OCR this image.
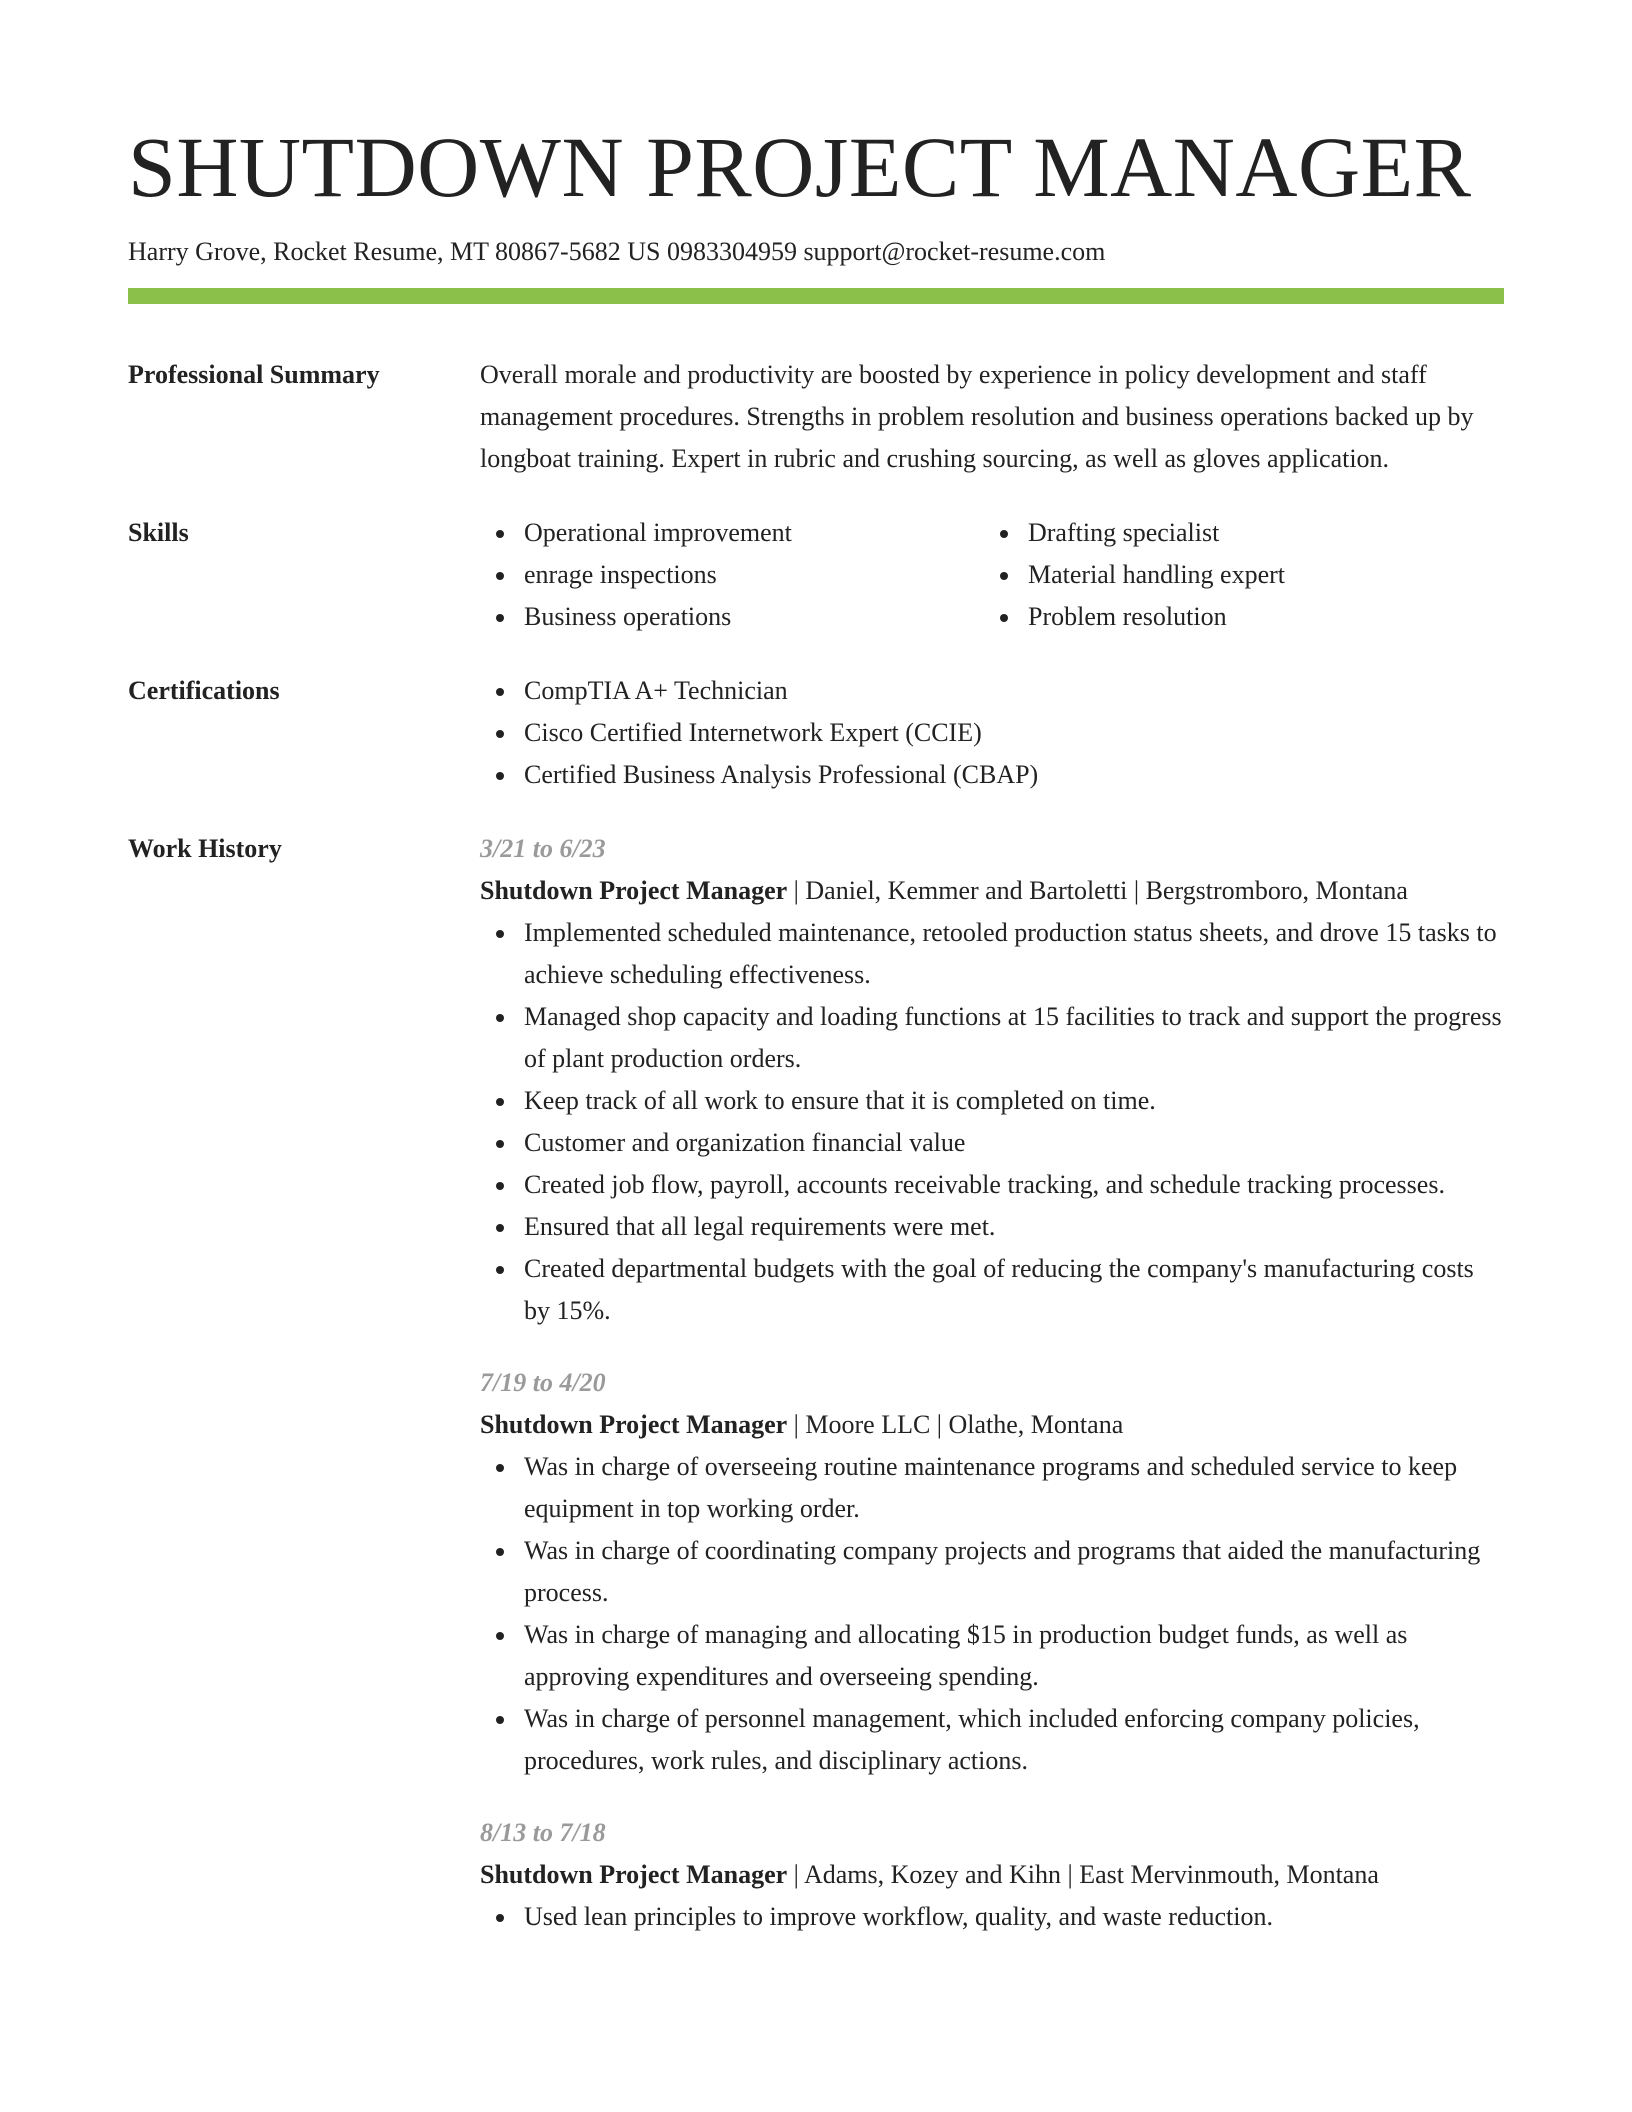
SHUTDOWN PROJECT MANAGER
Harry Grove, Rocket Resume, MT 80867-5682 US 0983304959 support@rocket-resume.com
Professional Summary	Overall morale and productivity are boosted by experience in policy development and staff management procedures. Strengths in problem resolution and business operations backed up by longboat training. Expert in rubric and crushing sourcing, as well as gloves application.
Skills	Operational improvement
enrage inspections
Business operations
Drafting specialist
Material handling expert
Problem resolution
Certifications	CompTIA A+ Technician
Cisco Certified Internetwork Expert (CCIE)
Certified Business Analysis Professional (CBAP)
Work History	3/21 to 6/23
Shutdown Project Manager | Daniel, Kemmer and Bartoletti | Bergstromboro, Montana
Implemented scheduled maintenance, retooled production status sheets, and drove 15 tasks to achieve scheduling effectiveness.
Managed shop capacity and loading functions at 15 facilities to track and support the progress of plant production orders.
Keep track of all work to ensure that it is completed on time.
Customer and organization financial value
Created job flow, payroll, accounts receivable tracking, and schedule tracking processes.
Ensured that all legal requirements were met.
Created departmental budgets with the goal of reducing the company's manufacturing costs by 15%.
7/19 to 4/20
Shutdown Project Manager | Moore LLC | Olathe, Montana
Was in charge of overseeing routine maintenance programs and scheduled service to keep equipment in top working order.
Was in charge of coordinating company projects and programs that aided the manufacturing process.
Was in charge of managing and allocating $15 in production budget funds, as well as approving expenditures and overseeing spending.
Was in charge of personnel management, which included enforcing company policies, procedures, work rules, and disciplinary actions.
8/13 to 7/18
Shutdown Project Manager | Adams, Kozey and Kihn | East Mervinmouth, Montana
Used lean principles to improve workflow, quality, and waste reduction.
